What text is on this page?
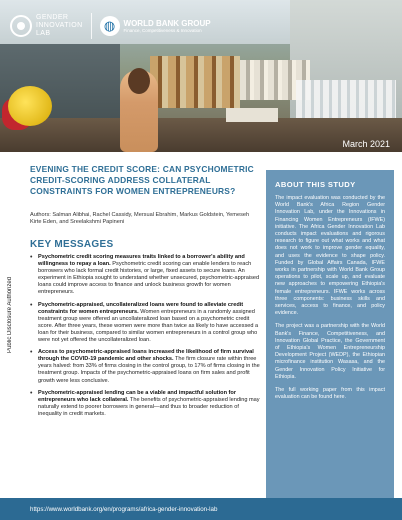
GENDER
INNOVATION
LAB
◍	WORLD BANK GROUP
Finance, Competitiveness & Innovation
March 2021
Public Disclosure Authorized
EVENING THE CREDIT SCORE: CAN PSYCHOMETRIC CREDIT-SCORING ADDRESS COLLATERAL CONSTRAINTS FOR WOMEN ENTREPRENEURS?

Authors: Salman Alibhai, Rachel Cassidy, Mersual Ebrahim, Markus Goldstein, Yemeseh Kirte Eden, and Sreelakshmi Papineni

KEY MESSAGES
• Psychometric credit scoring measures traits linked to a borrower's ability and willingness to repay a loan. Psychometric credit scoring can enable lenders to reach borrowers who lack formal credit histories, or large, fixed assets to secure loans. An experiment in Ethiopia sought to understand whether unsecured, psychometric-appraised loans could improve access to finance and unlock business growth for women entrepreneurs.
• Psychometric-appraised, uncollateralized loans were found to alleviate credit constraints for women entrepreneurs. Women entrepreneurs in a randomly assigned treatment group were offered an uncollateralized loan based on a psychometric credit score. After three years, these women were more than twice as likely to have accessed a loan for their business, compared to similar women entrepreneurs in a control group who were not yet offered the uncollateralized loan.
• Access to psychometric-appraised loans increased the likelihood of firm survival through the COVID-19 pandemic and other shocks. The firm closure rate within three years halved: from 33% of firms closing in the control group, to 17% of firms closing in the treatment group. Impacts of the psychometric-appraised loans on firm sales and profit growth were less conclusive.
• Psychometric-appraised lending can be a viable and impactful solution for entrepreneurs who lack collateral. The benefits of psychometric-appraised lending may naturally extend to poorer borrowers in general—and thus to broader reduction of inequality in credit markets.
ABOUT THIS STUDY

The impact evaluation was conducted by the World Bank's Africa Region Gender Innovation Lab, under the Innovations in Financing Women Entrepreneurs (IFWE) initiative. The Africa Gender Innovation Lab conducts impact evaluations and rigorous research to figure out what works and what does not work to improve gender equality, and uses the evidence to shape policy. Funded by Global Affairs Canada, IFWE works in partnership with World Bank Group operations to pilot, scale up, and evaluate new approaches to empowering Ethiopia's female entrepreneurs. IFWE works across three components: business skills and services, access to finance, and policy evidence.

The project was a partnership with the World Bank's Finance, Competitiveness, and Innovation Global Practice, the Government of Ethiopia's Women Entrepreneurship Development Project (WEDP), the Ethiopian microfinance institution Wasasa, and the Gender Innovation Policy Initiative for Ethiopia.

The full working paper from this impact evaluation can be found here.

https://www.worldbank.org/en/programs/africa-gender-innovation-lab
